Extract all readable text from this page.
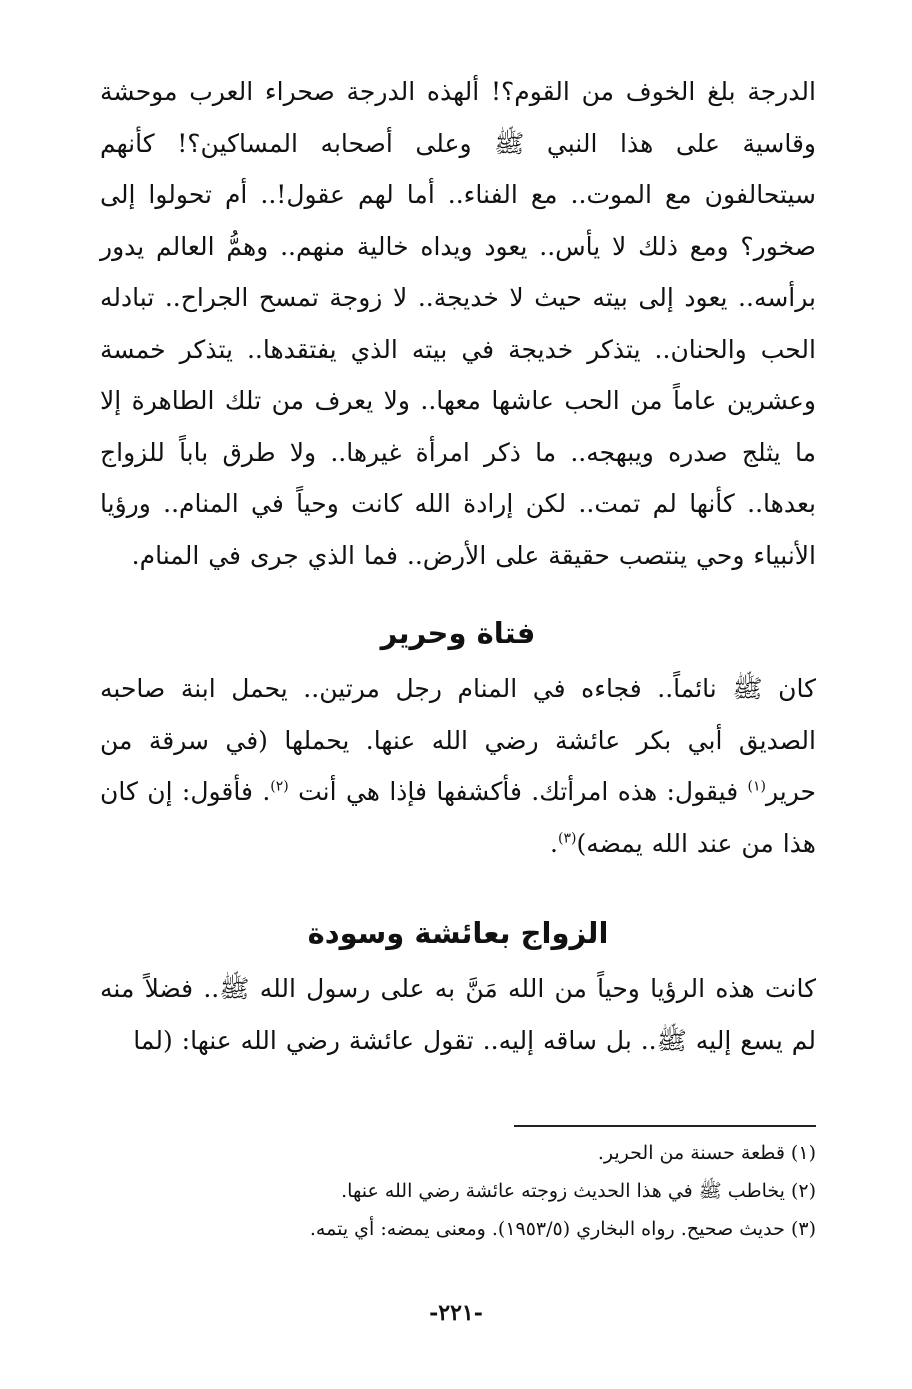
الدرجة بلغ الخوف من القوم؟! ألهذه الدرجة صحراء العرب موحشة وقاسية على هذا النبي ﷺ وعلى أصحابه المساكين؟! كأنهم سيتحالفون مع الموت.. مع الفناء.. أما لهم عقول!.. أم تحولوا إلى صخور؟ ومع ذلك لا يأس.. يعود ويداه خالية منهم.. وهمُّ العالم يدور برأسه.. يعود إلى بيته حيث لا خديجة.. لا زوجة تمسح الجراح.. تبادله الحب والحنان.. يتذكر خديجة في بيته الذي يفتقدها.. يتذكر خمسة وعشرين عاماً من الحب عاشها معها.. ولا يعرف من تلك الطاهرة إلا ما يثلج صدره ويبهجه.. ما ذكر امرأة غيرها.. ولا طرق باباً للزواج بعدها.. كأنها لم تمت.. لكن إرادة الله كانت وحياً في المنام.. ورؤيا الأنبياء وحي ينتصب حقيقة على الأرض.. فما الذي جرى في المنام.

فتاة وحرير

كان ﷺ نائماً.. فجاءه في المنام رجل مرتين.. يحمل ابنة صاحبه الصديق أبي بكر عائشة رضي الله عنها. يحملها (في سرقة من حرير$^{(١)}$ فيقول: هذه امرأتك. فأكشفها فإذا هي أنت $^{(٢)}$. فأقول: إن كان هذا من عند الله يمضه)$^{(٣)}$.

الزواج بعائشة وسودة

كانت هذه الرؤيا وحياً من الله مَنَّ به على رسول الله ﷺ.. فضلاً منه لم يسع إليه ﷺ.. بل ساقه إليه.. تقول عائشة رضي الله عنها: (لما

(١) قطعة حسنة من الحرير.

(٢) يخاطب ﷺ في هذا الحديث زوجته عائشة رضي الله عنها.

(٣) حديث صحيح. رواه البخاري (١٩٥٣/٥). ومعنى يمضه: أي يتمه.

-٢٢١-
